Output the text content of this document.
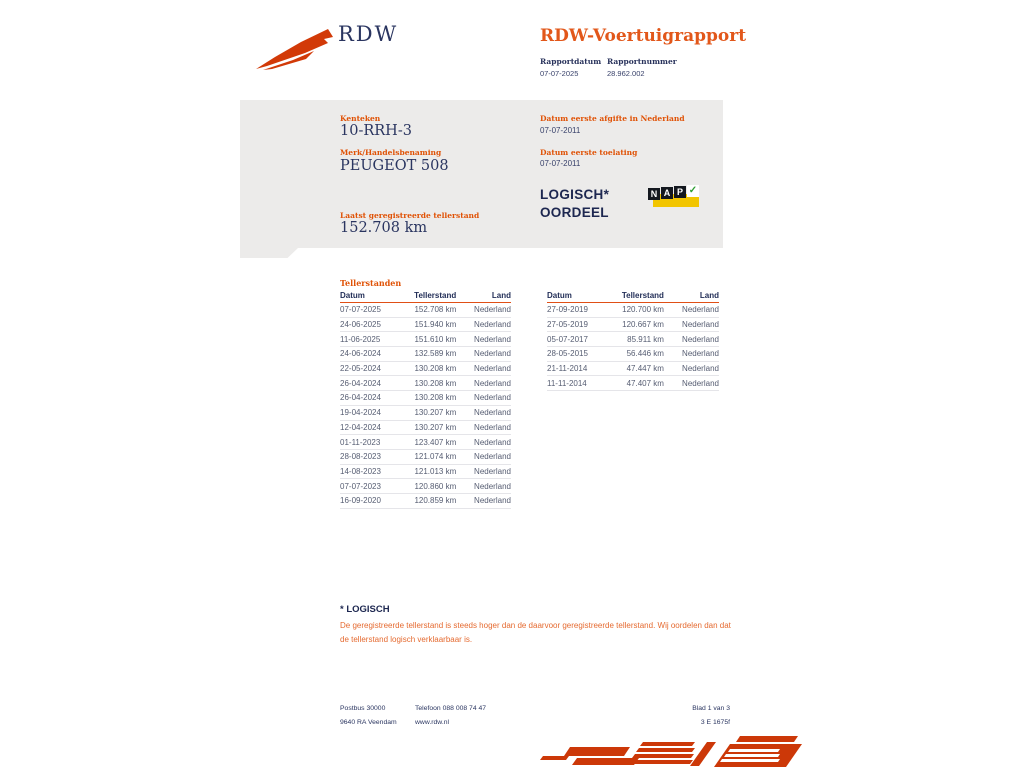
RDW	RDW-Voertuigrapport
Rapportdatum Rapportnummer
07-07-2025	28.962.002
Kenteken
10-RRH-3
Merk/Handelsbenaming
PEUGEOT 508
Laatst geregistreerde tellerstand
152.708 km
Datum eerste afgifte in Nederland
07-07-2011
Datum eerste toelating
07-07-2011
LOGISCH*
OORDEEL
N A P ✓
Tellerstanden
Datum	Tellerstand	Land
07-07-2025	152.708 km	Nederland
24-06-2025	151.940 km	Nederland
11-06-2025	151.610 km	Nederland
24-06-2024	132.589 km	Nederland
22-05-2024	130.208 km	Nederland
26-04-2024	130.208 km	Nederland
26-04-2024	130.208 km	Nederland
19-04-2024	130.207 km	Nederland
12-04-2024	130.207 km	Nederland
01-11-2023	123.407 km	Nederland
28-08-2023	121.074 km	Nederland
14-08-2023	121.013 km	Nederland
07-07-2023	120.860 km	Nederland
16-09-2020	120.859 km	Nederland
Datum	Tellerstand	Land
27-09-2019	120.700 km	Nederland
27-05-2019	120.667 km	Nederland
05-07-2017	85.911 km	Nederland
28-05-2015	56.446 km	Nederland
21-11-2014	47.447 km	Nederland
11-11-2014	47.407 km	Nederland
* LOGISCH
De geregistreerde tellerstand is steeds hoger dan de daarvoor geregistreerde tellerstand. Wij oordelen dan dat de tellerstand logisch verklaarbaar is.
Postbus 30000
9640 RA Veendam
Telefoon 088 008 74 47
www.rdw.nl
Blad 1 van 3
3 E 1675f
